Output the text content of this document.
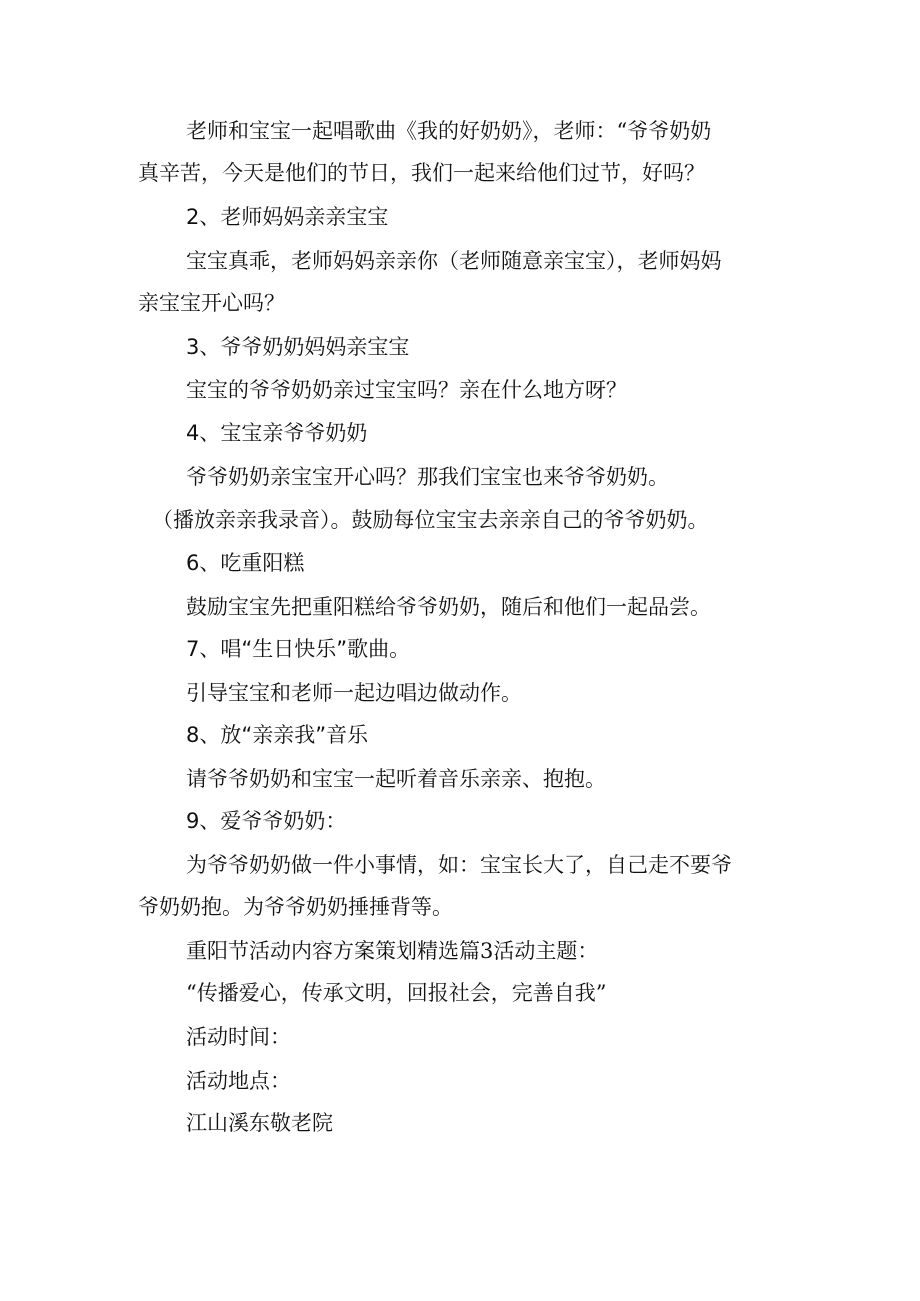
老师和宝宝一起唱歌曲《我的好奶奶》，老师：“爷爷奶奶
真辛苦，今天是他们的节日，我们一起来给他们过节，好吗？
2、老师妈妈亲亲宝宝
宝宝真乖，老师妈妈亲亲你（老师随意亲宝宝），老师妈妈
亲宝宝开心吗？
3、爷爷奶奶妈妈亲宝宝
宝宝的爷爷奶奶亲过宝宝吗？亲在什么地方呀？
4、宝宝亲爷爷奶奶
爷爷奶奶亲宝宝开心吗？那我们宝宝也来爷爷奶奶。
（播放亲亲我录音）。鼓励每位宝宝去亲亲自己的爷爷奶奶。
6、吃重阳糕
鼓励宝宝先把重阳糕给爷爷奶奶，随后和他们一起品尝。
7、唱“生日快乐”歌曲。
引导宝宝和老师一起边唱边做动作。
8、放“亲亲我”音乐
请爷爷奶奶和宝宝一起听着音乐亲亲、抱抱。
9、爱爷爷奶奶：
为爷爷奶奶做一件小事情，如：宝宝长大了，自己走不要爷
爷奶奶抱。为爷爷奶奶捶捶背等。
重阳节活动内容方案策划精选篇3活动主题：
“传播爱心，传承文明，回报社会，完善自我”
活动时间：
活动地点：
江山溪东敬老院
